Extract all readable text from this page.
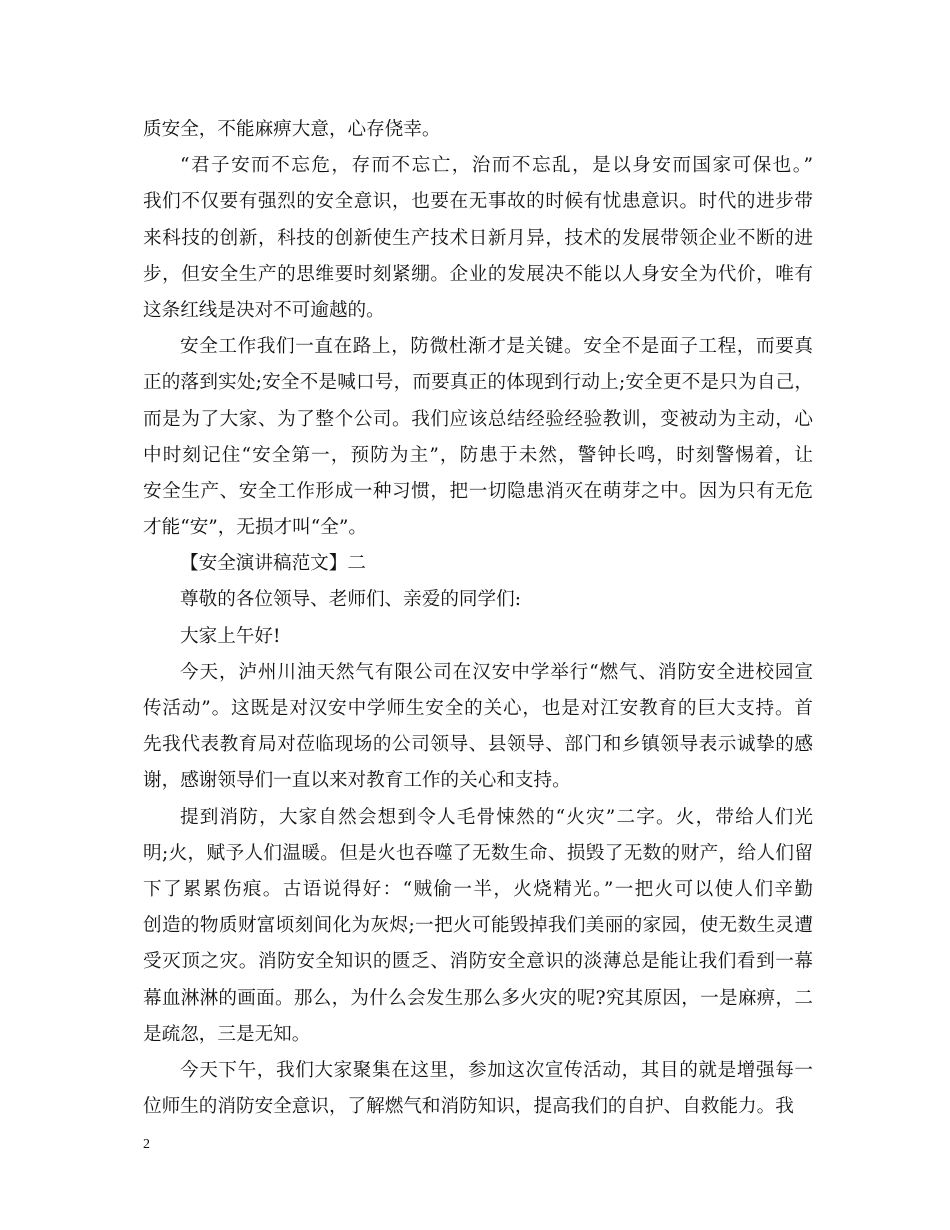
质安全，不能麻痹大意，心存侥幸。
“君子安而不忘危，存而不忘亡，治而不忘乱，是以身安而国家可保也。”
我们不仅要有强烈的安全意识，也要在无事故的时候有忧患意识。时代的进步带
来科技的创新，科技的创新使生产技术日新月异，技术的发展带领企业不断的进
步，但安全生产的思维要时刻紧绷。企业的发展决不能以人身安全为代价，唯有
这条红线是决对不可逾越的。
安全工作我们一直在路上，防微杜渐才是关键。安全不是面子工程，而要真
正的落到实处;安全不是喊口号，而要真正的体现到行动上;安全更不是只为自己，
而是为了大家、为了整个公司。我们应该总结经验经验教训，变被动为主动，心
中时刻记住“安全第一，预防为主”，防患于未然，警钟长鸣，时刻警惕着，让
安全生产、安全工作形成一种习惯，把一切隐患消灭在萌芽之中。因为只有无危
才能“安”，无损才叫“全”。
【安全演讲稿范文】二
尊敬的各位领导、老师们、亲爱的同学们:
大家上午好!
今天，泸州川油天然气有限公司在汉安中学举行“燃气、消防安全进校园宣
传活动”。这既是对汉安中学师生安全的关心，也是对江安教育的巨大支持。首
先我代表教育局对莅临现场的公司领导、县领导、部门和乡镇领导表示诚挚的感
谢，感谢领导们一直以来对教育工作的关心和支持。
提到消防，大家自然会想到令人毛骨悚然的“火灾”二字。火，带给人们光
明;火，赋予人们温暖。但是火也吞噬了无数生命、损毁了无数的财产，给人们留
下了累累伤痕。古语说得好：“贼偷一半，火烧精光。”一把火可以使人们辛勤
创造的物质财富顷刻间化为灰烬;一把火可能毁掉我们美丽的家园，使无数生灵遭
受灭顶之灾。消防安全知识的匮乏、消防安全意识的淡薄总是能让我们看到一幕
幕血淋淋的画面。那么，为什么会发生那么多火灾的呢?究其原因，一是麻痹，二
是疏忽，三是无知。
今天下午，我们大家聚集在这里，参加这次宣传活动，其目的就是增强每一
位师生的消防安全意识，了解燃气和消防知识，提高我们的自护、自救能力。我
2
